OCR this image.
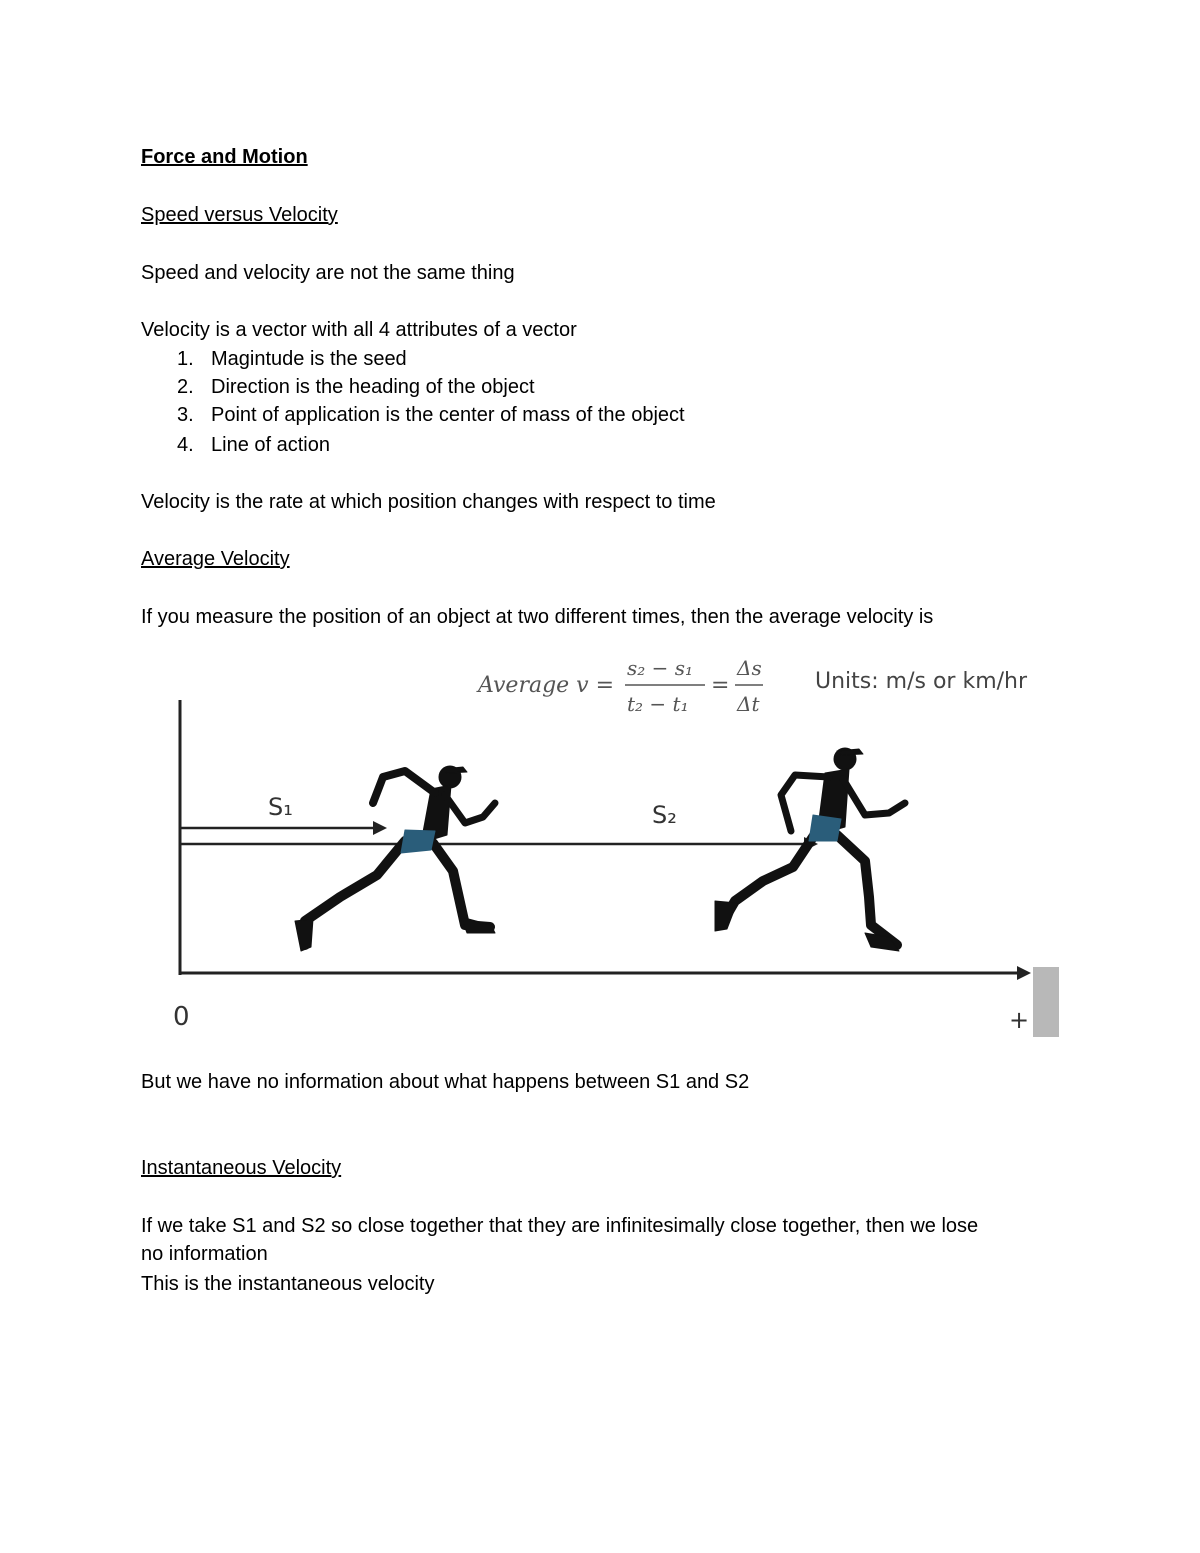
Force and Motion
Speed versus Velocity
Speed and velocity are not the same thing
Velocity is a vector with all 4 attributes of a vector
1. Magintude is the seed
2. Direction is the heading of the object
3. Point of application is the center of mass of the object
4. Line of action
Velocity is the rate at which position changes with respect to time
Average Velocity
If you measure the position of an object at two different times, then the average velocity is
Average v =
s₂ − s₁
t₂ − t₁
=
Δs
Δt
Units: m/s or km/hr
0	+
S₁	S₂
But we have no information about what happens between S1 and S2
Instantaneous Velocity
If we take S1 and S2 so close together that they are infinitesimally close together, then we lose
no information
This is the instantaneous velocity
